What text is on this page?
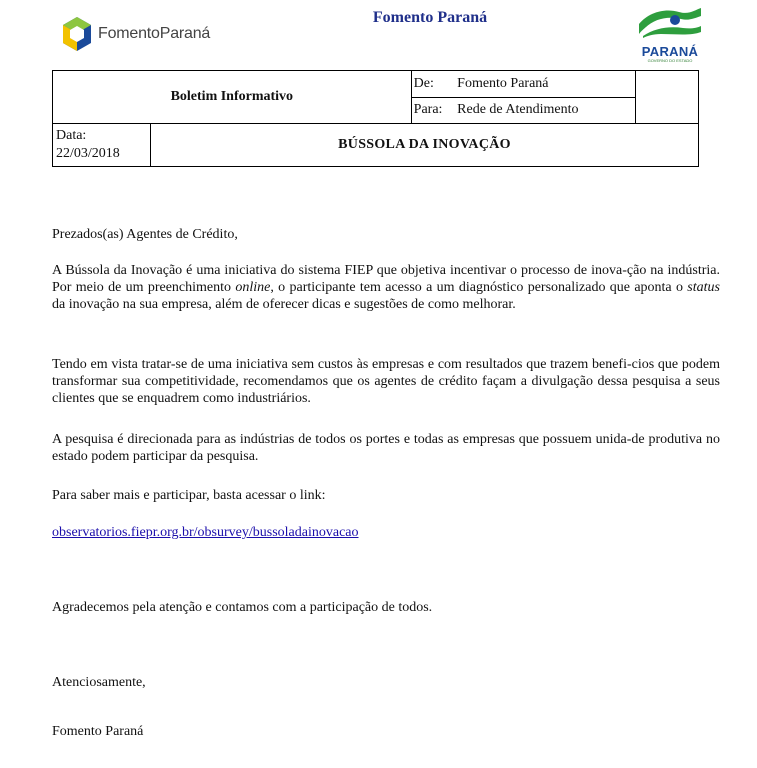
FomentoParaná
Fomento Paraná
PARANÁ
GOVERNO DO ESTADO
Boletim Informativo		De: Fomento Paraná	
		Para: Rede de Atendimento	

Data:
22/03/2018	BÚSSOLA DA INOVAÇÃO		
Prezados(as) Agentes de Crédito,
A Bússola da Inovação é uma iniciativa do sistema FIEP que objetiva incentivar o processo de inova-ção na indústria. Por meio de um preenchimento online, o participante tem acesso a um diagnóstico personalizado que aponta o status da inovação na sua empresa, além de oferecer dicas e sugestões de como melhorar.
Tendo em vista tratar-se de uma iniciativa sem custos às empresas e com resultados que trazem benefi-cios que podem transformar sua competitividade, recomendamos que os agentes de crédito façam a divulgação dessa pesquisa a seus clientes que se enquadrem como industriários.
A pesquisa é direcionada para as indústrias de todos os portes e todas as empresas que possuem unida-de produtiva no estado podem participar da pesquisa.
Para saber mais e participar, basta acessar o link:
observatorios.fiepr.org.br/obsurvey/bussoladainovacao
Agradecemos pela atenção e contamos com a participação de todos.
Atenciosamente,
Fomento Paraná
